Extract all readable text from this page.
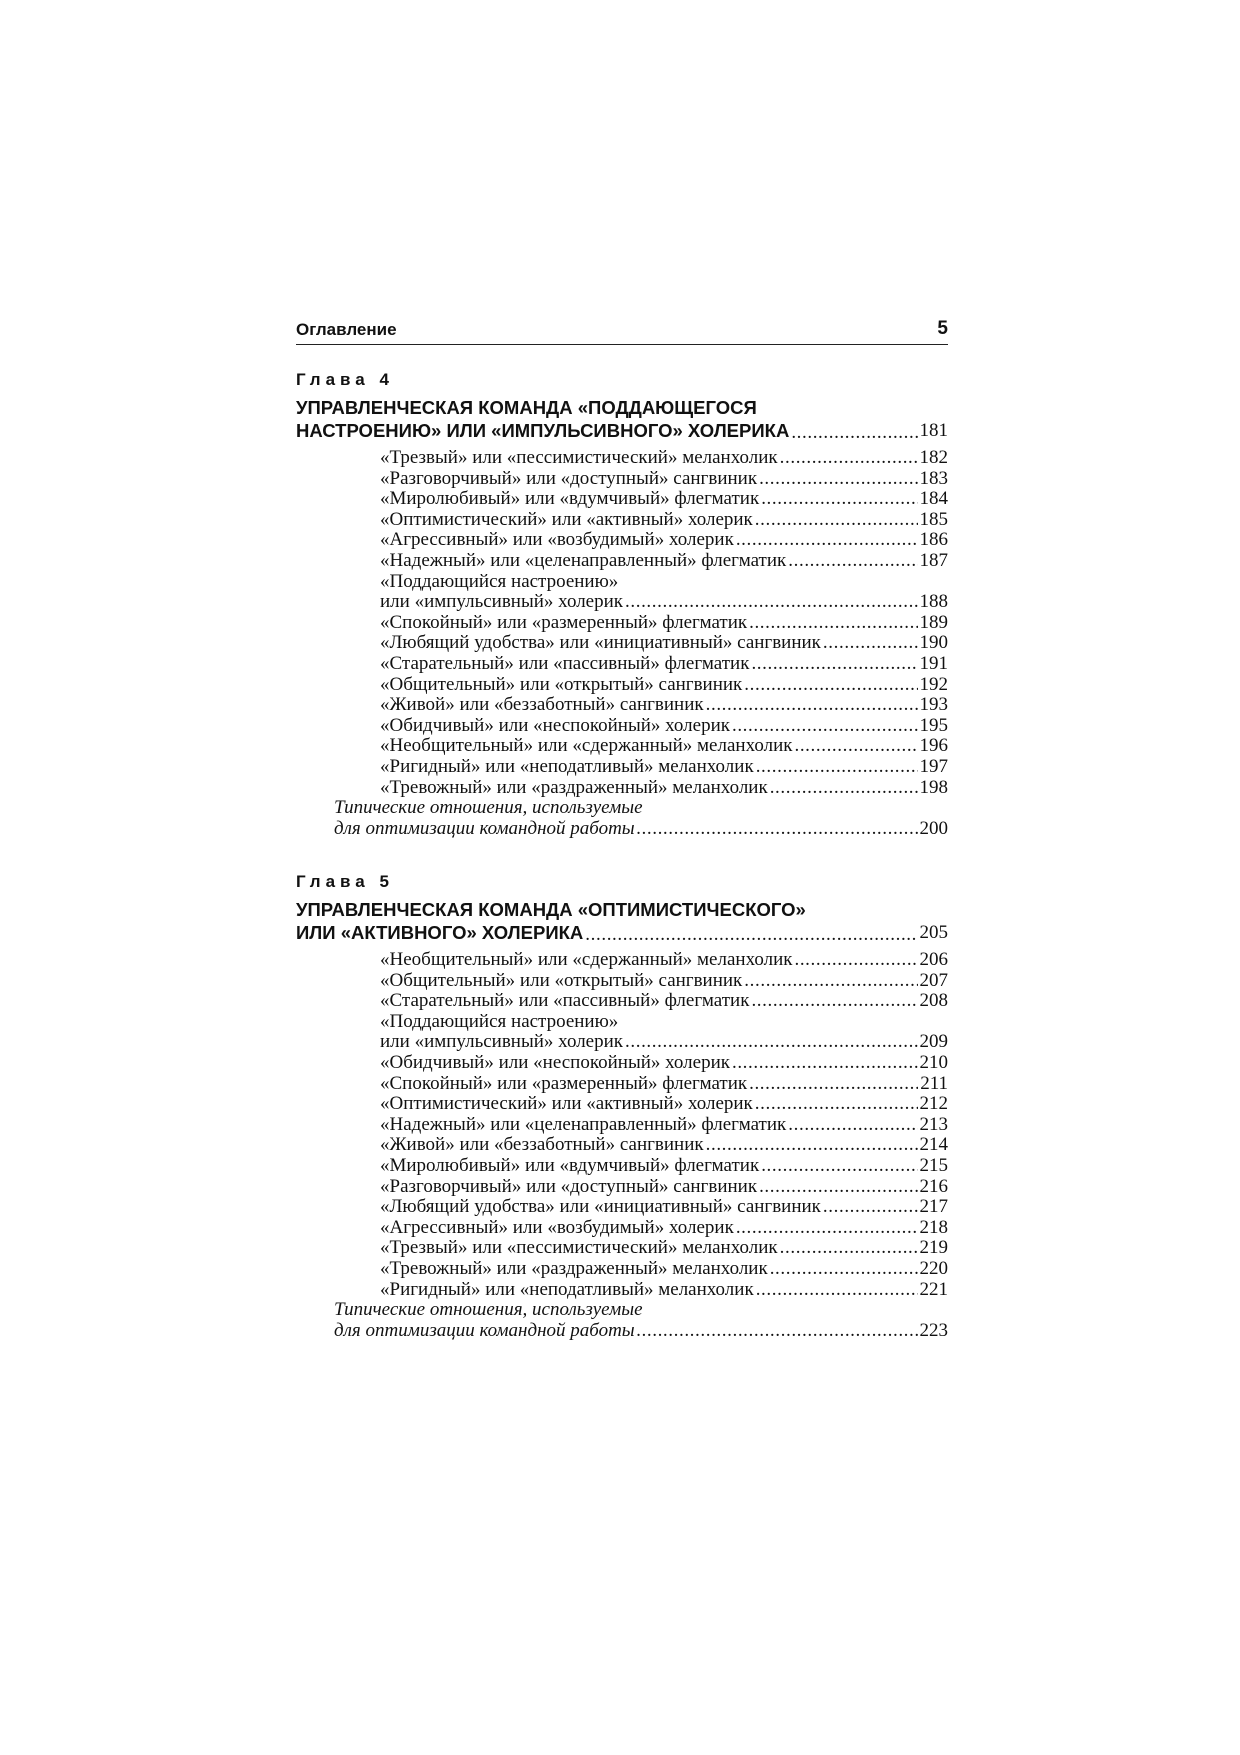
Оглавление	5
Глава 4
УПРАВЛЕНЧЕСКАЯ КОМАНДА «ПОДДАЮЩЕГОСЯ
НАСТРОЕНИЮ» ИЛИ «ИМПУЛЬСИВНОГО» ХОЛЕРИКА .....	181
«Трезвый» или «пессимистический» меланхолик .....	182
«Разговорчивый» или «доступный» сангвиник .....	183
«Миролюбивый» или «вдумчивый» флегматик .....	184
«Оптимистический» или «активный» холерик .....	185
«Агрессивный» или «возбудимый» холерик .....	186
«Надежный» или «целенаправленный» флегматик .....	187
«Поддающийся настроению»
или «импульсивный» холерик .....	188
«Спокойный» или «размеренный» флегматик .....	189
«Любящий удобства» или «инициативный» сангвиник .....	190
«Старательный» или «пассивный» флегматик .....	191
«Общительный» или «открытый» сангвиник .....	192
«Живой» или «беззаботный» сангвиник .....	193
«Обидчивый» или «неспокойный» холерик .....	195
«Необщительный» или «сдержанный» меланхолик .....	196
«Ригидный» или «неподатливый» меланхолик .....	197
«Тревожный» или «раздраженный» меланхолик .....	198
Типические отношения, используемые
для оптимизации командной работы .....	200
Глава 5
УПРАВЛЕНЧЕСКАЯ КОМАНДА «ОПТИМИСТИЧЕСКОГО»
ИЛИ «АКТИВНОГО» ХОЛЕРИКА .....	205
«Необщительный» или «сдержанный» меланхолик .....	206
«Общительный» или «открытый» сангвиник .....	207
«Старательный» или «пассивный» флегматик .....	208
«Поддающийся настроению»
или «импульсивный» холерик .....	209
«Обидчивый» или «неспокойный» холерик .....	210
«Спокойный» или «размеренный» флегматик .....	211
«Оптимистический» или «активный» холерик .....	212
«Надежный» или «целенаправленный» флегматик .....	213
«Живой» или «беззаботный» сангвиник .....	214
«Миролюбивый» или «вдумчивый» флегматик .....	215
«Разговорчивый» или «доступный» сангвиник .....	216
«Любящий удобства» или «инициативный» сангвиник .....	217
«Агрессивный» или «возбудимый» холерик .....	218
«Трезвый» или «пессимистический» меланхолик .....	219
«Тревожный» или «раздраженный» меланхолик .....	220
«Ригидный» или «неподатливый» меланхолик .....	221
Типические отношения, используемые
для оптимизации командной работы .....	223
